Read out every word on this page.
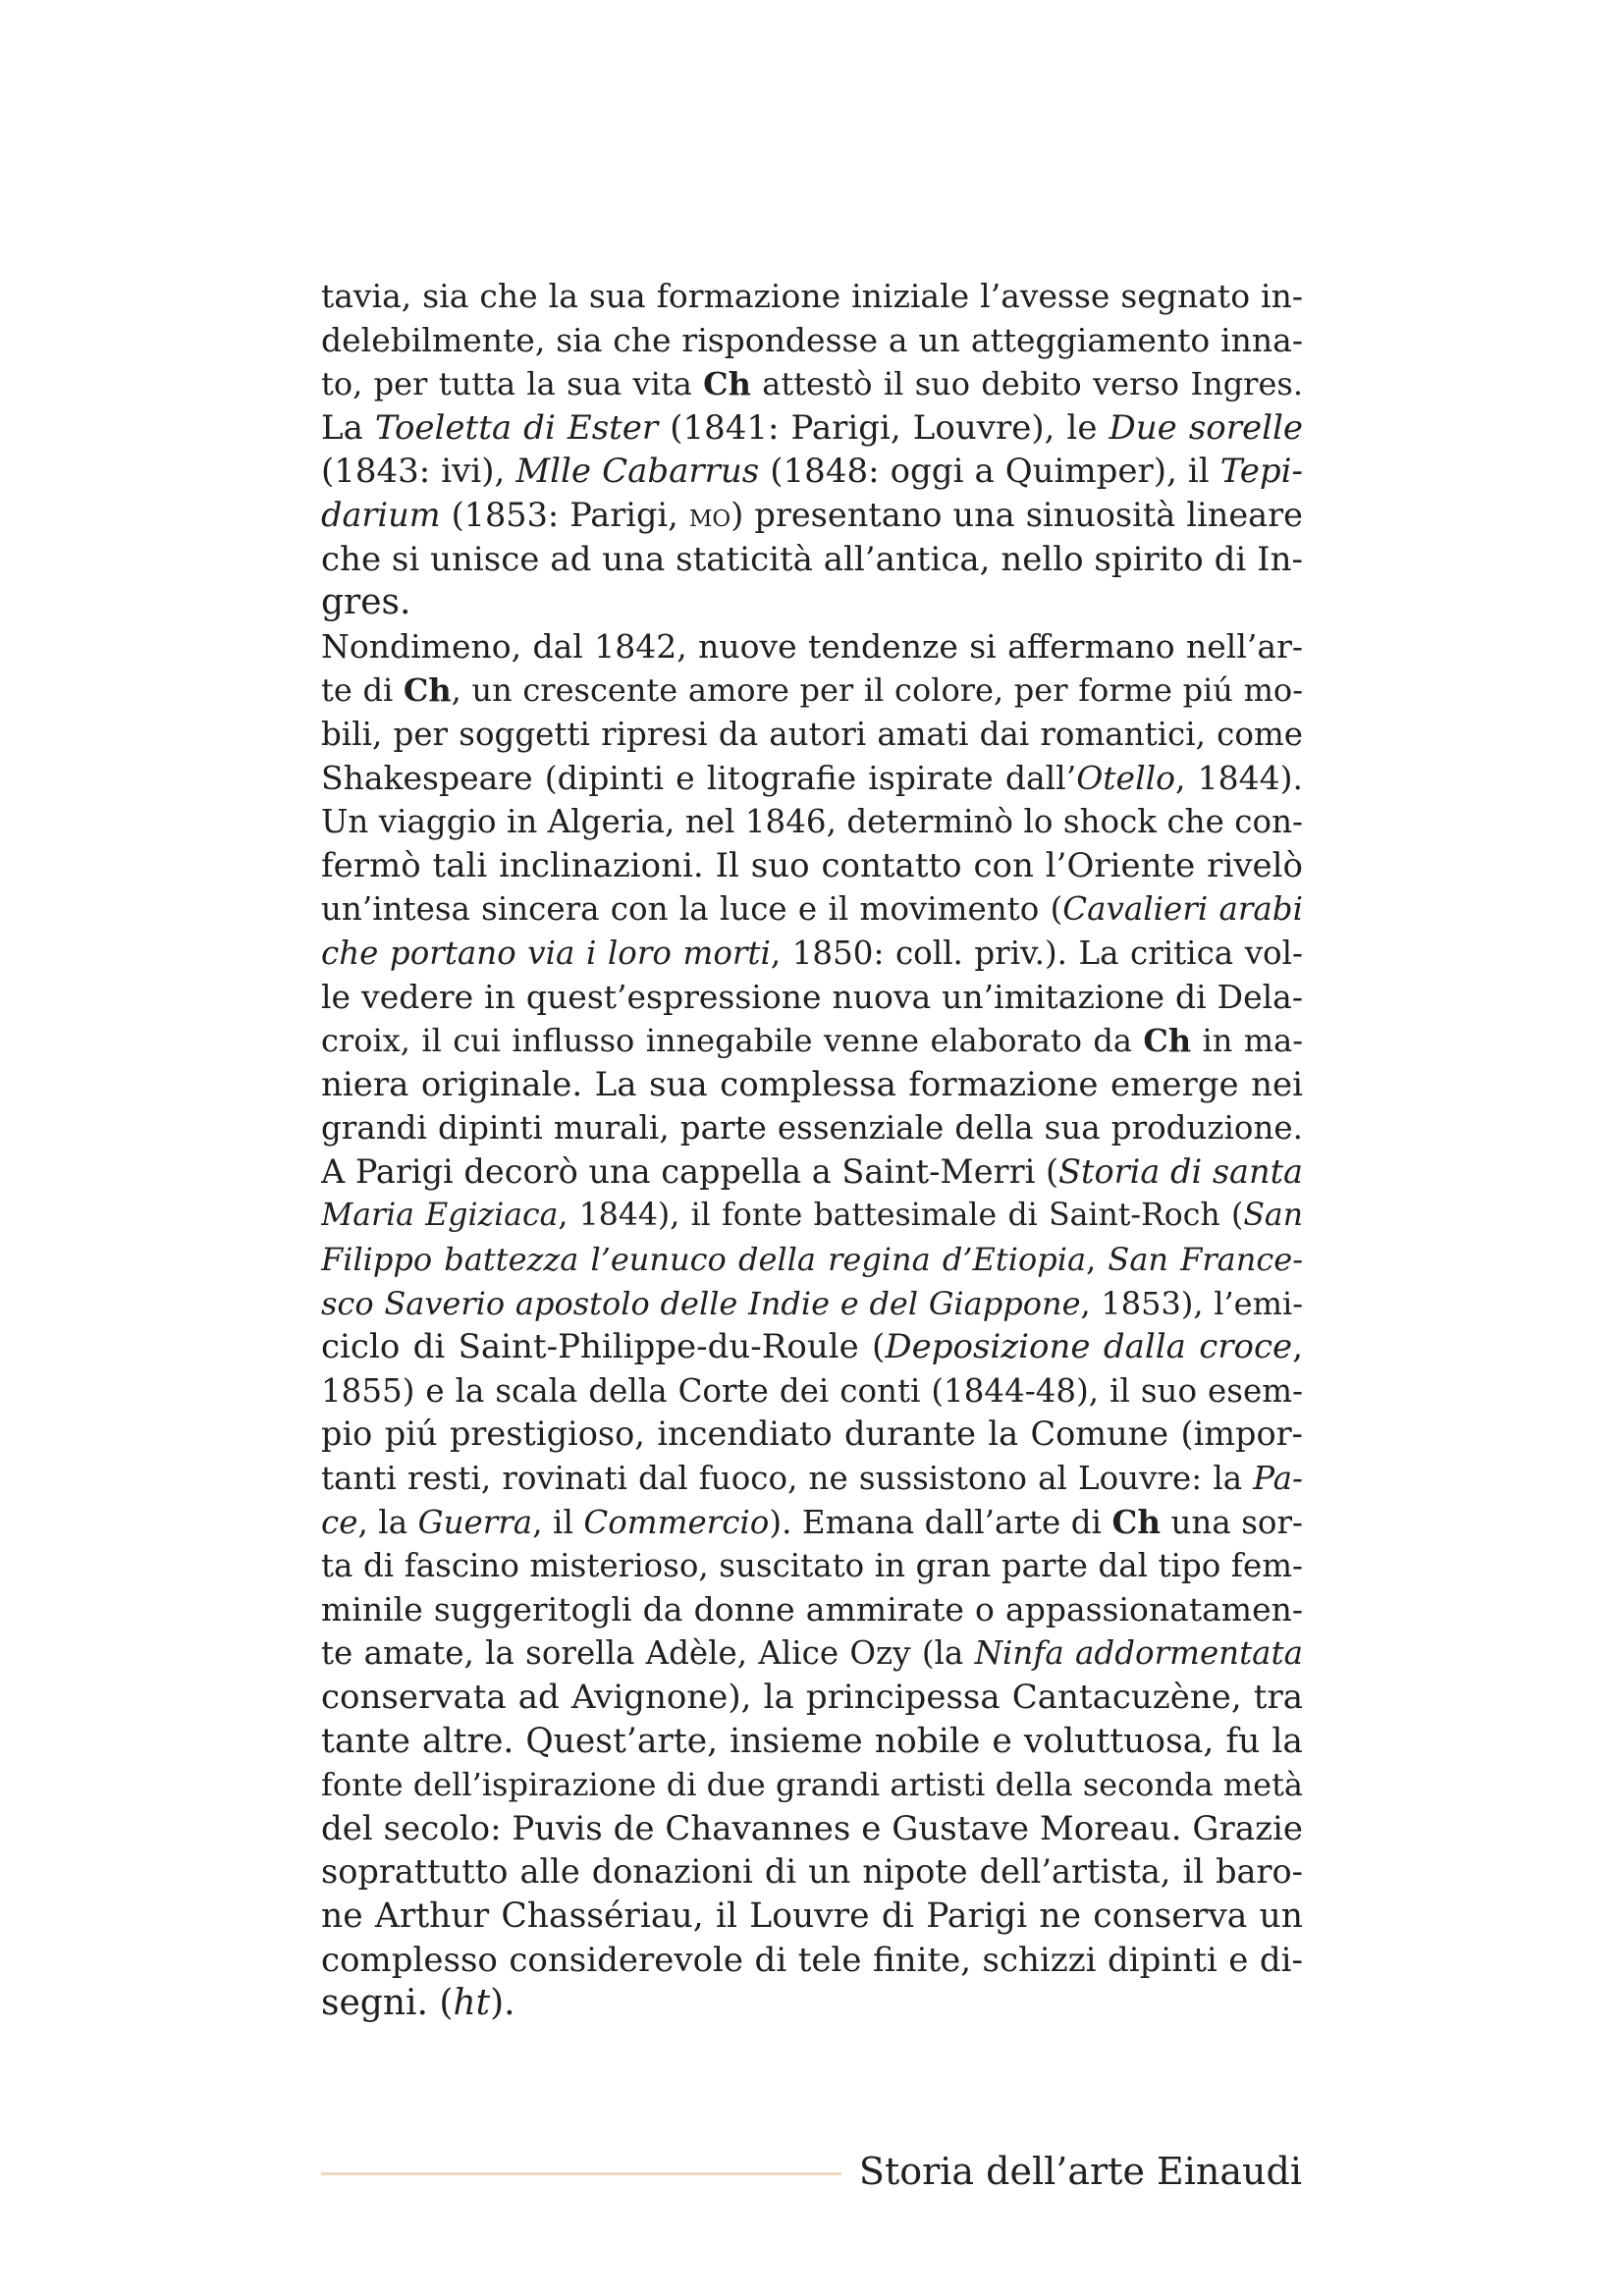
tavia, sia che la sua formazione iniziale l’avesse segnato in-
delebilmente, sia che rispondesse a un atteggiamento inna-
to, per tutta la sua vita Ch attestò il suo debito verso Ingres.
La Toeletta di Ester (1841: Parigi, Louvre), le Due sorelle
(1843: ivi), Mlle Cabarrus (1848: oggi a Quimper), il Tepi-
darium (1853: Parigi, mo) presentano una sinuosità lineare
che si unisce ad una staticità all’antica, nello spirito di In-
gres.
Nondimeno, dal 1842, nuove tendenze si affermano nell’ar-
te di Ch, un crescente amore per il colore, per forme piú mo-
bili, per soggetti ripresi da autori amati dai romantici, come
Shakespeare (dipinti e litografie ispirate dall’Otello, 1844).
Un viaggio in Algeria, nel 1846, determinò lo shock che con-
fermò tali inclinazioni. Il suo contatto con l’Oriente rivelò
un’intesa sincera con la luce e il movimento (Cavalieri arabi
che portano via i loro morti, 1850: coll. priv.). La critica vol-
le vedere in quest’espressione nuova un’imitazione di Dela-
croix, il cui influsso innegabile venne elaborato da Ch in ma-
niera originale. La sua complessa formazione emerge nei
grandi dipinti murali, parte essenziale della sua produzione.
A Parigi decorò una cappella a Saint-Merri (Storia di santa
Maria Egiziaca, 1844), il fonte battesimale di Saint-Roch (San
Filippo battezza l’eunuco della regina d’Etiopia, San France-
sco Saverio apostolo delle Indie e del Giappone, 1853), l’emi-
ciclo di Saint-Philippe-du-Roule (Deposizione dalla croce,
1855) e la scala della Corte dei conti (1844-48), il suo esem-
pio piú prestigioso, incendiato durante la Comune (impor-
tanti resti, rovinati dal fuoco, ne sussistono al Louvre: la Pa-
ce, la Guerra, il Commercio). Emana dall’arte di Ch una sor-
ta di fascino misterioso, suscitato in gran parte dal tipo fem-
minile suggeritogli da donne ammirate o appassionatamen-
te amate, la sorella Adèle, Alice Ozy (la Ninfa addormentata
conservata ad Avignone), la principessa Cantacuzène, tra
tante altre. Quest’arte, insieme nobile e voluttuosa, fu la
fonte dell’ispirazione di due grandi artisti della seconda metà
del secolo: Puvis de Chavannes e Gustave Moreau. Grazie
soprattutto alle donazioni di un nipote dell’artista, il baro-
ne Arthur Chassériau, il Louvre di Parigi ne conserva un
complesso considerevole di tele finite, schizzi dipinti e di-
segni. (ht).
Storia dell’arte Einaudi
